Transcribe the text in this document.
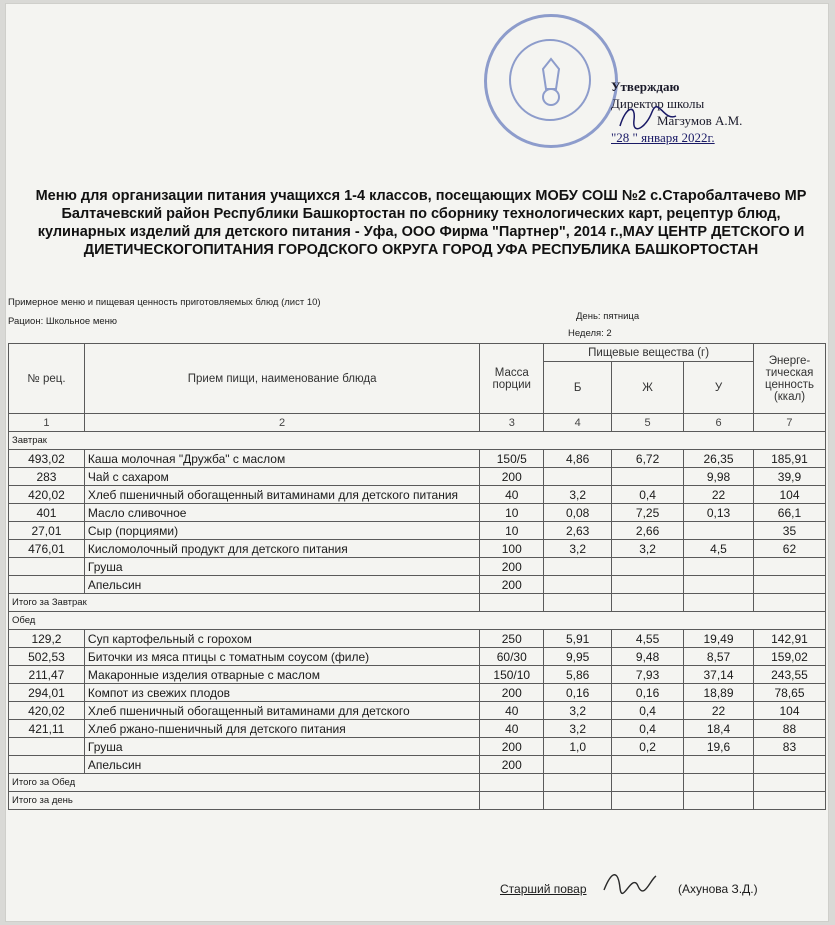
Утверждаю
Директор школы
Магзумов А.М.
"28 " января 2022г.
Меню для организации питания учащихся 1-4 классов, посещающих МОБУ СОШ №2 с.Старобалтачево МР Балтачевский район Республики Башкортостан по сборнику технологических карт, рецептур блюд, кулинарных изделий для детского питания - Уфа, ООО Фирма "Партнер", 2014 г.,МАУ ЦЕНТР ДЕТСКОГО И ДИЕТИЧЕСКОГОПИТАНИЯ ГОРОДСКОГО ОКРУГА ГОРОД УФА РЕСПУБЛИКА БАШКОРТОСТАН
Примерное меню и пищевая ценность приготовляемых блюд (лист 10)
Рацион: Школьное меню	День: пятница
Неделя: 2
№ рец.	Прием пищи, наименование блюда	Масса порции	Пищевые вещества (г)			Энерге-тическая ценность (ккал)
			Б	Ж	У	
1	2	3	4	5	6	7
Завтрак						
493,02	Каша молочная "Дружба" с маслом	150/5	4,86	6,72	26,35	185,91
283	Чай с сахаром	200			9,98	39,9
420,02	Хлеб пшеничный обогащенный витаминами для детского питания	40	3,2	0,4	22	104
401	Масло сливочное	10	0,08	7,25	0,13	66,1
27,01	Сыр (порциями)	10	2,63	2,66		35
476,01	Кисломолочный продукт для детского питания	100	3,2	3,2	4,5	62
	Груша	200				
	Апельсин	200				
Итого за Завтрак						
Обед						
129,2	Суп картофельный с горохом	250	5,91	4,55	19,49	142,91
502,53	Биточки из мяса птицы с томатным соусом (филе)	60/30	9,95	9,48	8,57	159,02
211,47	Макаронные изделия отварные с маслом	150/10	5,86	7,93	37,14	243,55
294,01	Компот из свежих плодов	200	0,16	0,16	18,89	78,65
420,02	Хлеб пшеничный обогащенный витаминами для детского	40	3,2	0,4	22	104
421,11	Хлеб ржано-пшеничный для детского питания	40	3,2	0,4	18,4	88
	Груша	200	1,0	0,2	19,6	83
	Апельсин	200				
Итого за Обед						
Итого за день						
Старший повар	(Ахунова З.Д.)
